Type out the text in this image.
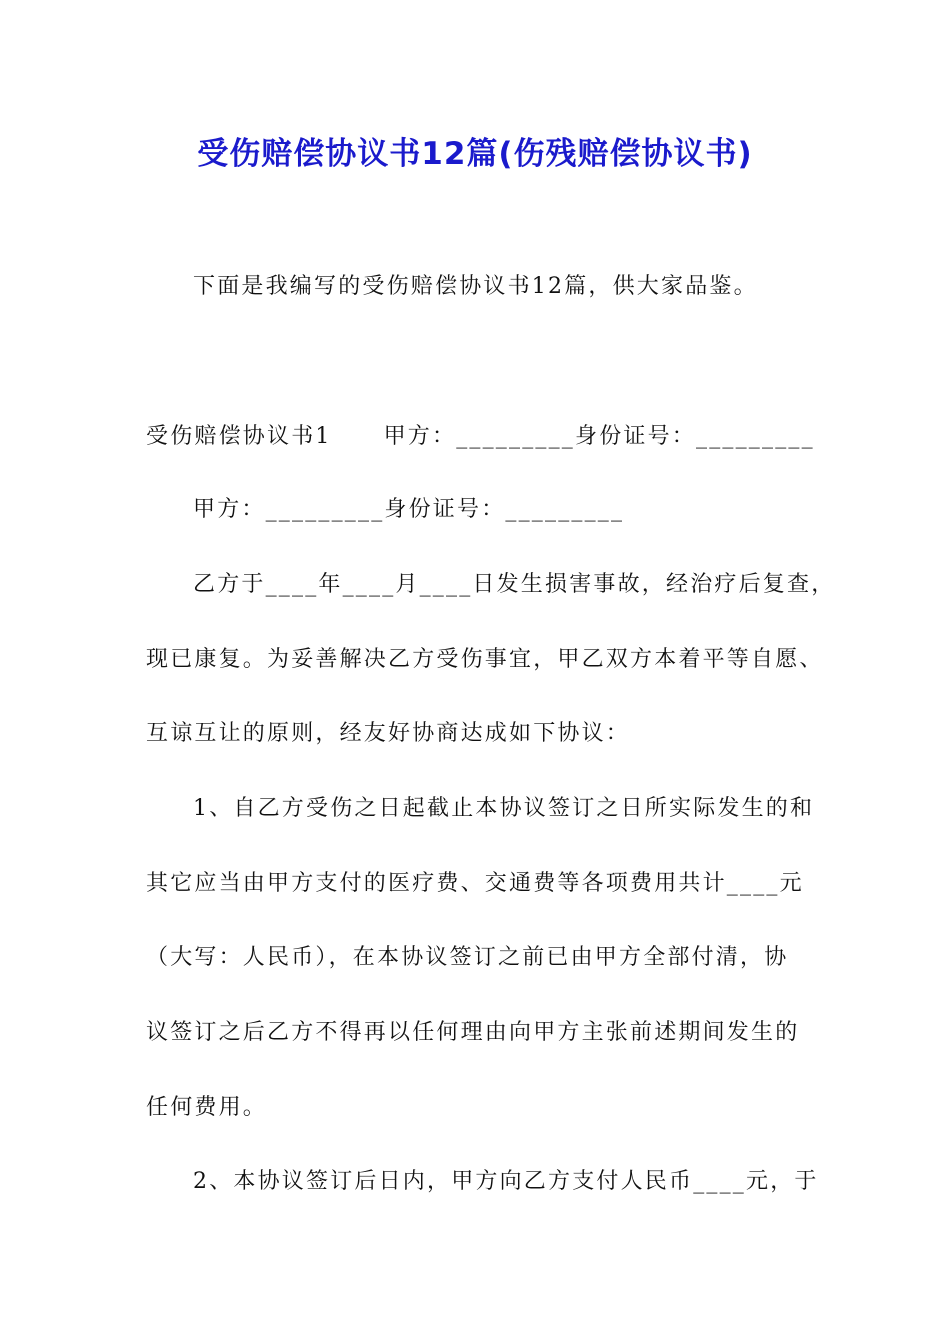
受伤赔偿协议书12篇(伤残赔偿协议书)
下面是我编写的受伤赔偿协议书12篇，供大家品鉴。
受伤赔偿协议书1 甲方：_________身份证号：_________
甲方：_________身份证号：_________
乙方于____年____月____日发生损害事故，经治疗后复查，
现已康复。为妥善解决乙方受伤事宜，甲乙双方本着平等自愿、
互谅互让的原则，经友好协商达成如下协议：
1、自乙方受伤之日起截止本协议签订之日所实际发生的和
其它应当由甲方支付的医疗费、交通费等各项费用共计____元
（大写：人民币），在本协议签订之前已由甲方全部付清，协
议签订之后乙方不得再以任何理由向甲方主张前述期间发生的
任何费用。
2、本协议签订后日内，甲方向乙方支付人民币____元，于
